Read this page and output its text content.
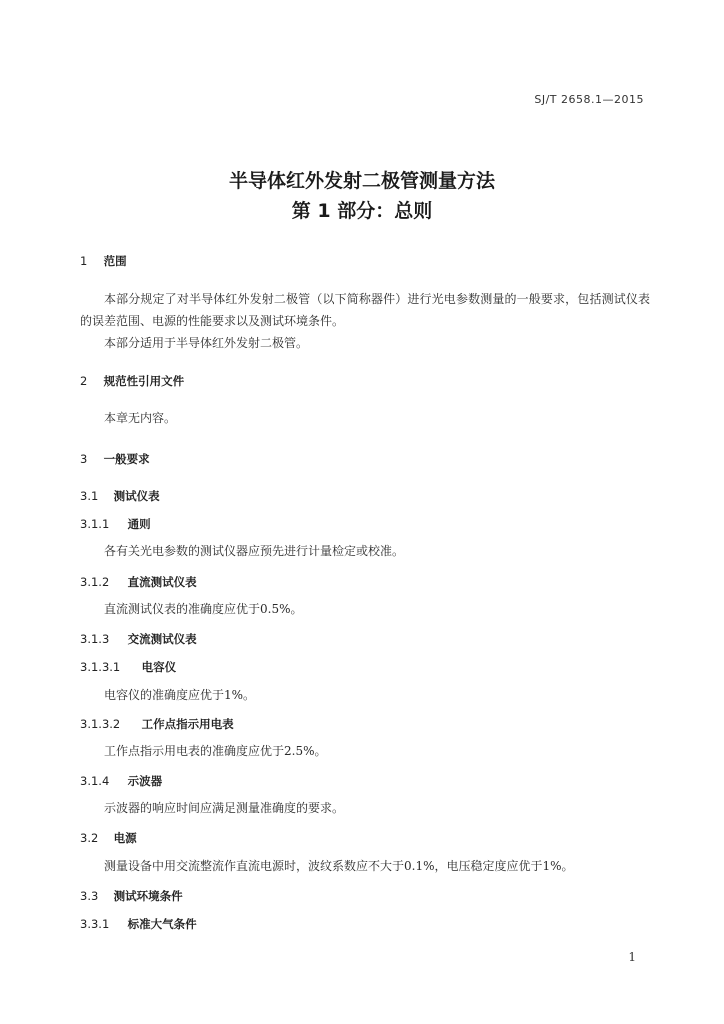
SJ/T 2658.1—2015
半导体红外发射二极管测量方法
第 1 部分：总则
1 范围
本部分规定了对半导体红外发射二极管（以下简称器件）进行光电参数测量的一般要求，包括测试仪表的误差范围、电源的性能要求以及测试环境条件。
本部分适用于半导体红外发射二极管。
2 规范性引用文件
本章无内容。
3 一般要求
3.1 测试仪表
3.1.1 通则
各有关光电参数的测试仪器应预先进行计量检定或校准。
3.1.2 直流测试仪表
直流测试仪表的准确度应优于0.5%。
3.1.3 交流测试仪表
3.1.3.1 电容仪
电容仪的准确度应优于1%。
3.1.3.2 工作点指示用电表
工作点指示用电表的准确度应优于2.5%。
3.1.4 示波器
示波器的响应时间应满足测量准确度的要求。
3.2 电源
测量设备中用交流整流作直流电源时，波纹系数应不大于0.1%，电压稳定度应优于1%。
3.3 测试环境条件
3.3.1 标准大气条件
1
